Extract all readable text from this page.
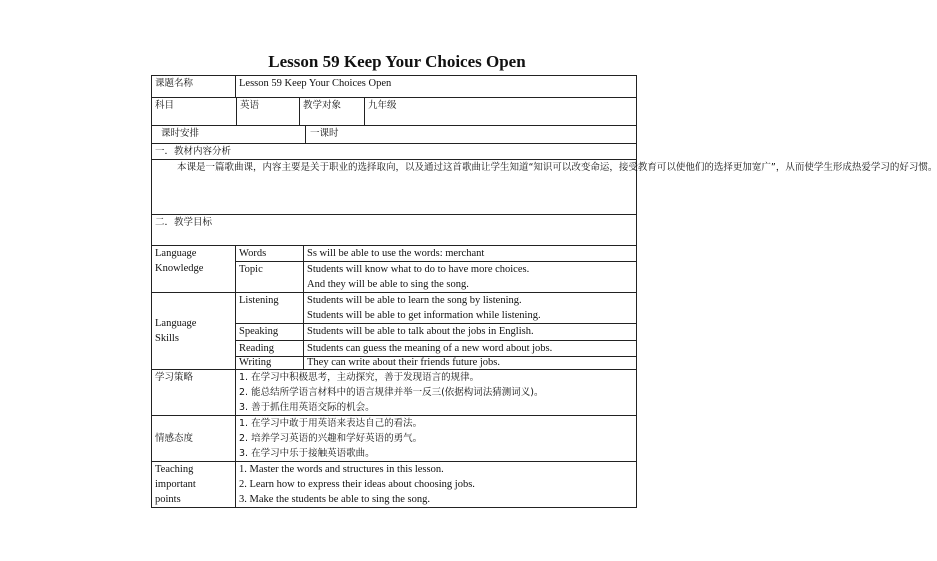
Lesson 59 Keep Your Choices Open
课题名称	Lesson 59 Keep Your Choices Open	

科目 英语 教学对象 九年级		

课时安排 一课时		

一．教材内容分析		
本课是一篇歌曲课，内容主要是关于职业的选择取向，以及通过这首歌曲让学生知道“知识可以改变命运，接受教育可以使他们的选择更加宽广”，从而使学生形成热爱学习的好习惯。		
二．教学目标		

Language
Knowledge	Words	Ss will be able to use the words: merchant
	Topic	Students will know what to do to have more choices.
And they will be able to sing the song.

Language
Skills	Listening	Students will be able to learn the song by listening.
Students will be able to get information while listening.

	Speaking	Students will be able to talk about the jobs in English.
	Reading	Students can guess the meaning of a new word about jobs.
	Writing	They can write about their friends future jobs.
学习策略	1. 在学习中积极思考，主动探究，善于发现语言的规律。
2. 能总结所学语言材料中的语言规律并举一反三(依据构词法猜测词义)。
3. 善于抓住用英语交际的机会。	

情感态度	1. 在学习中敢于用英语来表达自己的看法。
2. 培养学习英语的兴趣和学好英语的勇气。
3. 在学习中乐于接触英语歌曲。	

Teaching
important
points	1. Master the words and structures in this lesson.
2. Learn how to express their ideas about choosing jobs.
3. Make the students be able to sing the song.	
